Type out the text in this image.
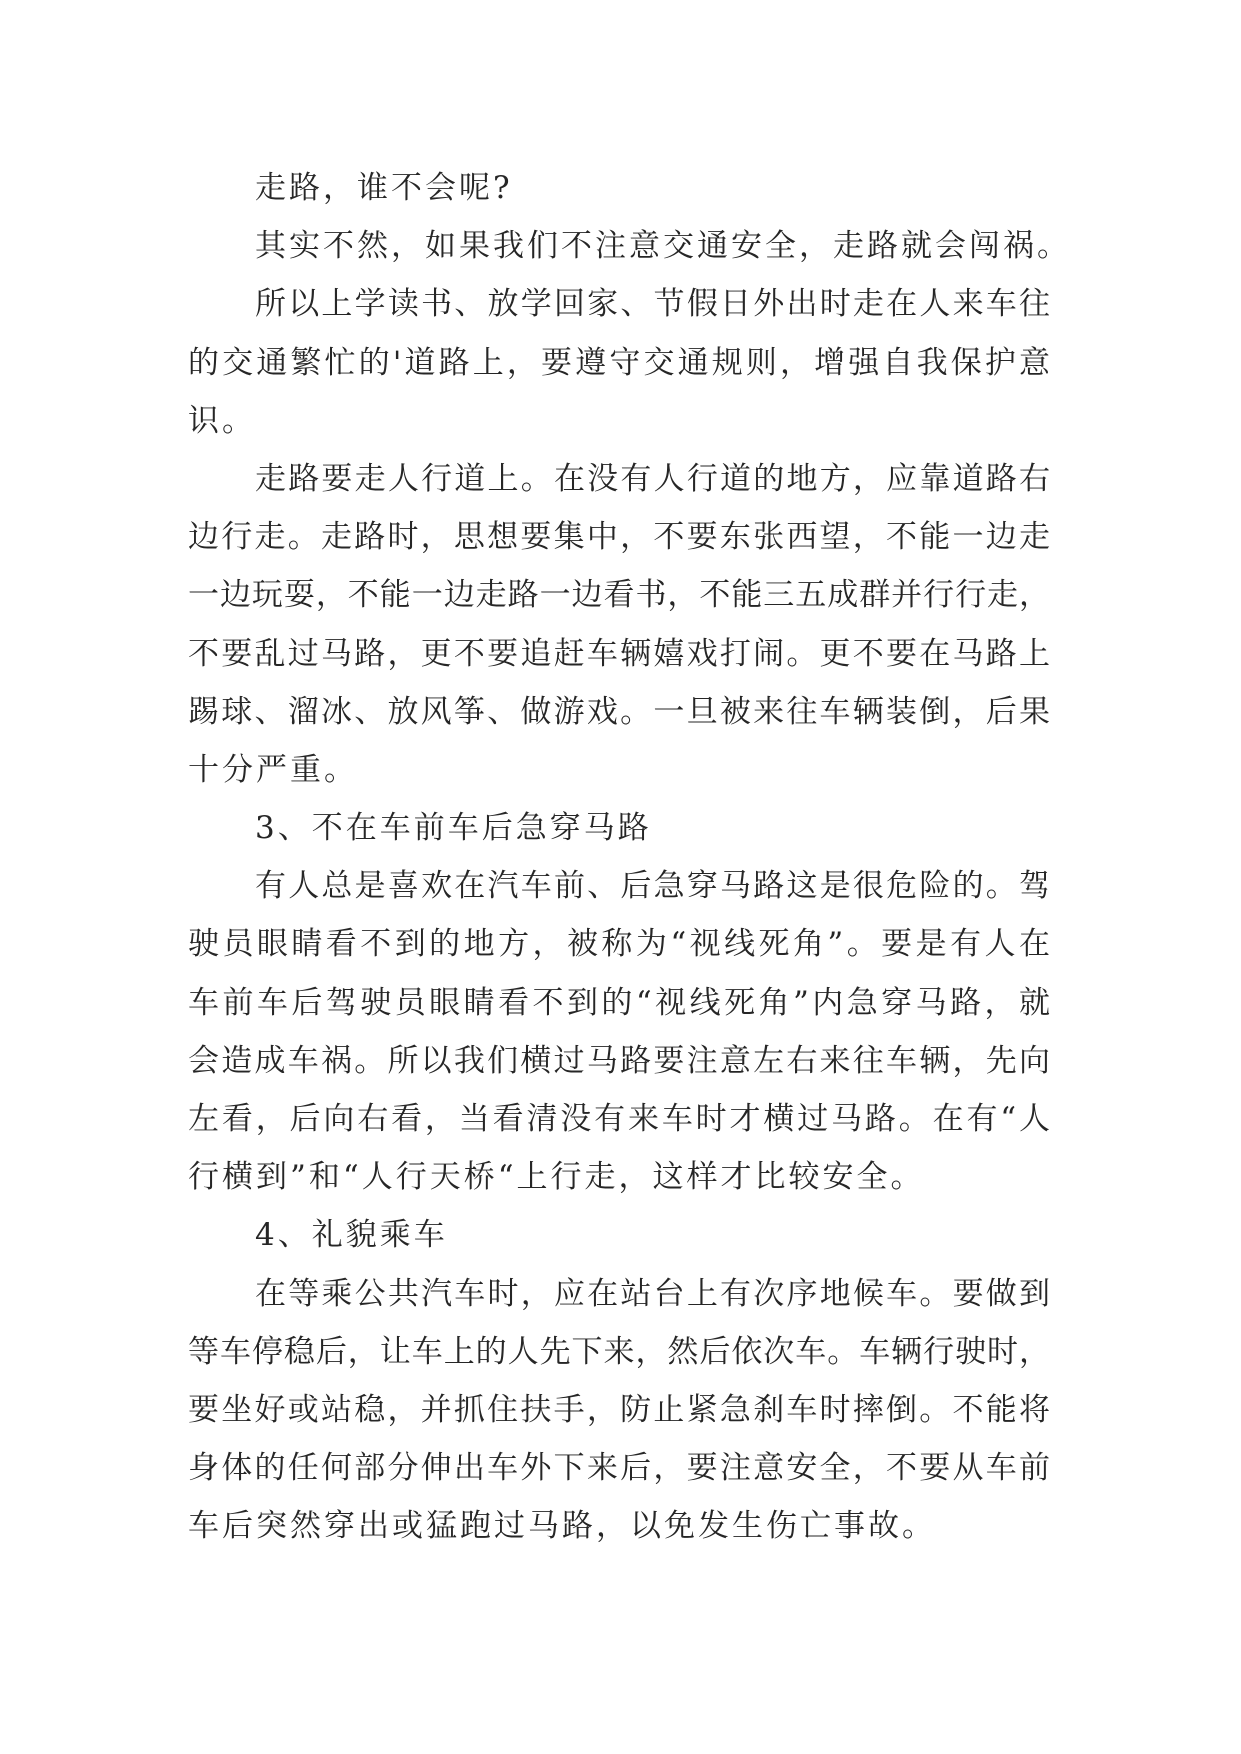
走路，谁不会呢?
其实不然，如果我们不注意交通安全，走路就会闯祸。
所以上学读书、放学回家、节假日外出时走在人来车往
的交通繁忙的'道路上，要遵守交通规则，增强自我保护意
识。
走路要走人行道上。在没有人行道的地方，应靠道路右
边行走。走路时，思想要集中，不要东张西望，不能一边走
一边玩耍，不能一边走路一边看书，不能三五成群并行行走，
不要乱过马路，更不要追赶车辆嬉戏打闹。更不要在马路上
踢球、溜冰、放风筝、做游戏。一旦被来往车辆装倒，后果
十分严重。
3、不在车前车后急穿马路
有人总是喜欢在汽车前、后急穿马路这是很危险的。驾
驶员眼睛看不到的地方，被称为“视线死角”。要是有人在
车前车后驾驶员眼睛看不到的“视线死角”内急穿马路，就
会造成车祸。所以我们横过马路要注意左右来往车辆，先向
左看，后向右看，当看清没有来车时才横过马路。在有“人
行横到”和“人行天桥“上行走，这样才比较安全。
4、礼貌乘车
在等乘公共汽车时，应在站台上有次序地候车。要做到
等车停稳后，让车上的人先下来，然后依次车。车辆行驶时，
要坐好或站稳，并抓住扶手，防止紧急刹车时摔倒。不能将
身体的任何部分伸出车外下来后，要注意安全，不要从车前
车后突然穿出或猛跑过马路，以免发生伤亡事故。
